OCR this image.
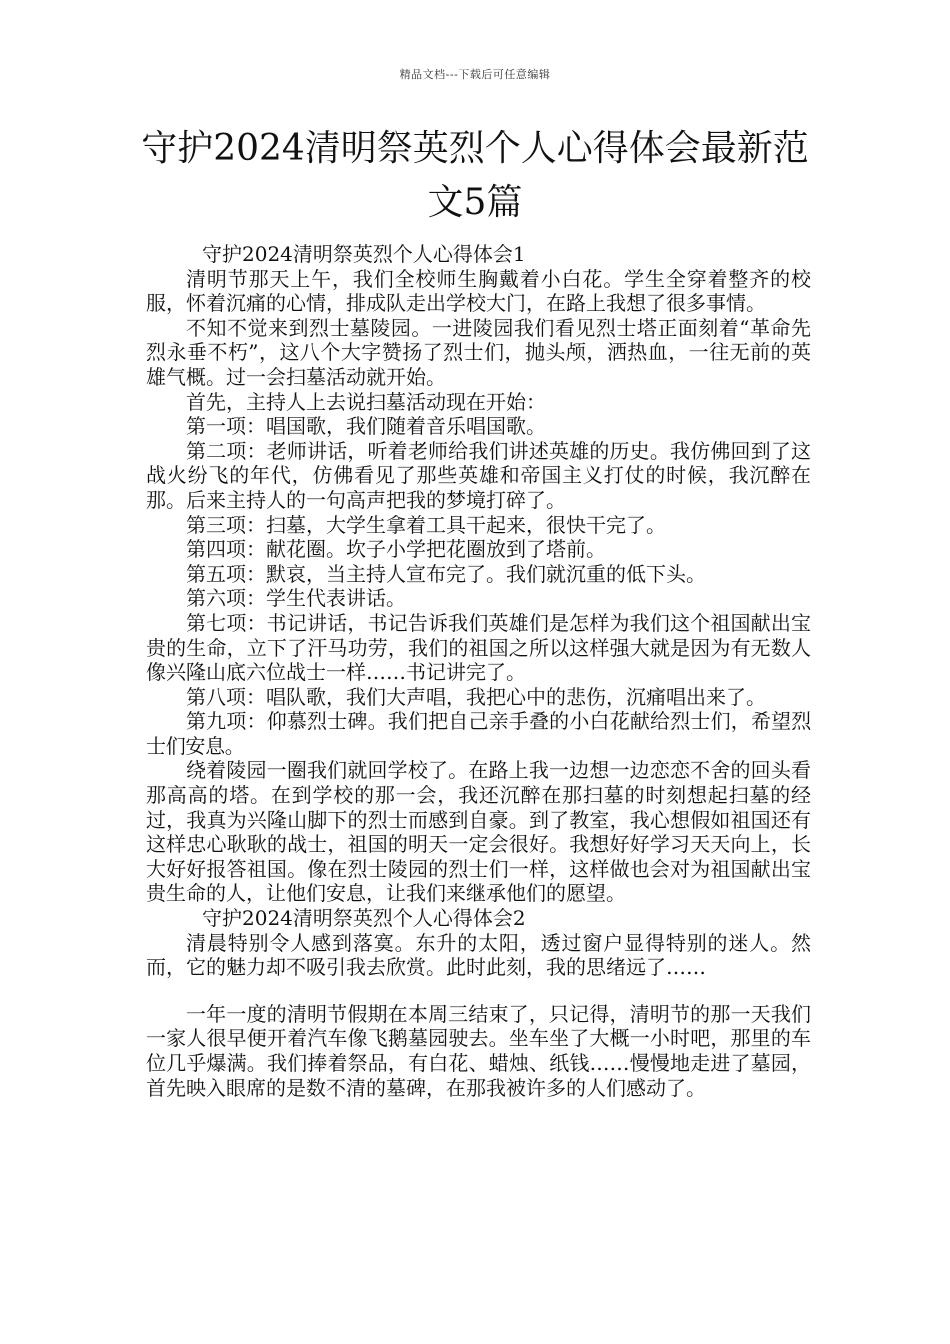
精品文档---下载后可任意编辑
守护2024清明祭英烈个人心得体会最新范文5篇

守护2024清明祭英烈个人心得体会1

清明节那天上午，我们全校师生胸戴着小白花。学生全穿着整齐的校服，怀着沉痛的心情，排成队走出学校大门，在路上我想了很多事情。

不知不觉来到烈士墓陵园。一进陵园我们看见烈士塔正面刻着“革命先烈永垂不朽”，这八个大字赞扬了烈士们，抛头颅，洒热血，一往无前的英雄气概。过一会扫墓活动就开始。

首先，主持人上去说扫墓活动现在开始：

第一项：唱国歌，我们随着音乐唱国歌。

第二项：老师讲话，听着老师给我们讲述英雄的历史。我仿佛回到了这战火纷飞的年代，仿佛看见了那些英雄和帝国主义打仗的时候，我沉醉在那。后来主持人的一句高声把我的梦境打碎了。

第三项：扫墓，大学生拿着工具干起来，很快干完了。

第四项：献花圈。坎子小学把花圈放到了塔前。

第五项：默哀，当主持人宣布完了。我们就沉重的低下头。

第六项：学生代表讲话。

第七项：书记讲话，书记告诉我们英雄们是怎样为我们这个祖国献出宝贵的生命，立下了汗马功劳，我们的祖国之所以这样强大就是因为有无数人像兴隆山底六位战士一样……书记讲完了。

第八项：唱队歌，我们大声唱，我把心中的悲伤，沉痛唱出来了。

第九项：仰慕烈士碑。我们把自己亲手叠的小白花献给烈士们，希望烈士们安息。

绕着陵园一圈我们就回学校了。在路上我一边想一边恋恋不舍的回头看那高高的塔。在到学校的那一会，我还沉醉在那扫墓的时刻想起扫墓的经过，我真为兴隆山脚下的烈士而感到自豪。到了教室，我心想假如祖国还有这样忠心耿耿的战士，祖国的明天一定会很好。我想好好学习天天向上，长大好好报答祖国。像在烈士陵园的烈士们一样，这样做也会对为祖国献出宝贵生命的人，让他们安息，让我们来继承他们的愿望。

守护2024清明祭英烈个人心得体会2

清晨特别令人感到落寞。东升的太阳，透过窗户显得特别的迷人。然而，它的魅力却不吸引我去欣赏。此时此刻，我的思绪远了……

一年一度的清明节假期在本周三结束了，只记得，清明节的那一天我们一家人很早便开着汽车像飞鹅墓园驶去。坐车坐了大概一小时吧，那里的车位几乎爆满。我们捧着祭品，有白花、蜡烛、纸钱……慢慢地走进了墓园，首先映入眼席的是数不清的墓碑，在那我被许多的人们感动了。
